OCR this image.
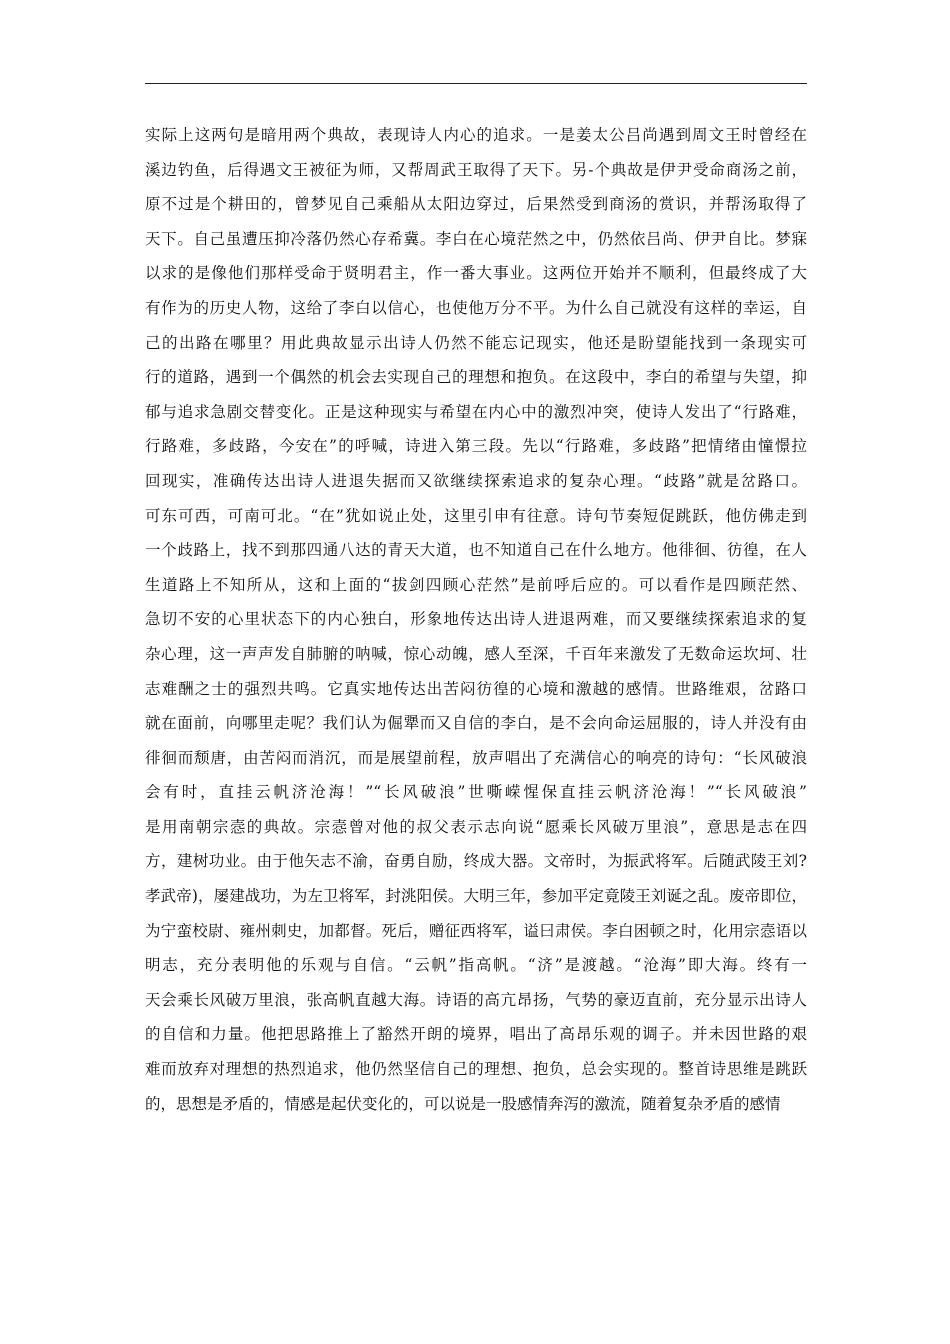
实际上这两句是暗用两个典故，表现诗人内心的追求。一是姜太公吕尚遇到周文王时曾经在
溪边钓鱼，后得遇文王被征为师，又帮周武王取得了天下。另-个典故是伊尹受命商汤之前，
原不过是个耕田的，曾梦见自己乘船从太阳边穿过，后果然受到商汤的赏识，并帮汤取得了
天下。自己虽遭压抑冷落仍然心存希冀。李白在心境茫然之中，仍然依吕尚、伊尹自比。梦寐
以求的是像他们那样受命于贤明君主，作一番大事业。这两位开始并不顺利，但最终成了大
有作为的历史人物，这给了李白以信心，也使他万分不平。为什么自己就没有这样的幸运，自
己的出路在哪里？用此典故显示出诗人仍然不能忘记现实，他还是盼望能找到一条现实可
行的道路，遇到一个偶然的机会去实现自己的理想和抱负。在这段中，李白的希望与失望，抑
郁与追求急剧交替变化。正是这种现实与希望在内心中的激烈冲突，使诗人发出了“行路难，
行路难，多歧路，今安在”的呼喊，诗进入第三段。先以“行路难，多歧路”把情绪由憧憬拉
回现实，准确传达出诗人进退失据而又欲继续探索追求的复杂心理。“歧路”就是岔路口。
可东可西，可南可北。“在”犹如说止处，这里引申有往意。诗句节奏短促跳跃，他仿佛走到
一个歧路上，找不到那四通八达的青天大道，也不知道自己在什么地方。他徘徊、彷徨，在人
生道路上不知所从，这和上面的“拔剑四顾心茫然”是前呼后应的。可以看作是四顾茫然、
急切不安的心里状态下的内心独白，形象地传达出诗人进退两难，而又要继续探索追求的复
杂心理，这一声声发自肺腑的呐喊，惊心动魄，感人至深，千百年来激发了无数命运坎坷、壮
志难酬之士的强烈共鸣。它真实地传达出苦闷彷徨的心境和激越的感情。世路维艰，岔路口
就在面前，向哪里走呢？我们认为倔犟而又自信的李白，是不会向命运屈服的，诗人并没有由
徘徊而颓唐，由苦闷而消沉，而是展望前程，放声唱出了充满信心的响亮的诗句：“长风破浪
会有时，直挂云帆济沧海！”“长风破浪”世嘶嵘惺保直挂云帆济沧海！”“长风破浪”
是用南朝宗悫的典故。宗悫曾对他的叔父表示志向说“愿乘长风破万里浪”，意思是志在四
方，建树功业。由于他矢志不渝，奋勇自励，终成大器。文帝时，为振武将军。后随武陵王刘?
孝武帝)，屡建战功，为左卫将军，封洮阳侯。大明三年，参加平定竟陵王刘诞之乱。废帝即位，
为宁蛮校尉、雍州刺史，加都督。死后，赠征西将军，谥曰肃侯。李白困顿之时，化用宗悫语以
明志，充分表明他的乐观与自信。“云帆”指高帆。“济”是渡越。“沧海”即大海。终有一
天会乘长风破万里浪，张高帆直越大海。诗语的高亢昂扬，气势的豪迈直前，充分显示出诗人
的自信和力量。他把思路推上了豁然开朗的境界，唱出了高昂乐观的调子。并未因世路的艰
难而放弃对理想的热烈追求，他仍然坚信自己的理想、抱负，总会实现的。整首诗思维是跳跃
的，思想是矛盾的，情感是起伏变化的，可以说是一股感情奔泻的激流，随着复杂矛盾的感情
